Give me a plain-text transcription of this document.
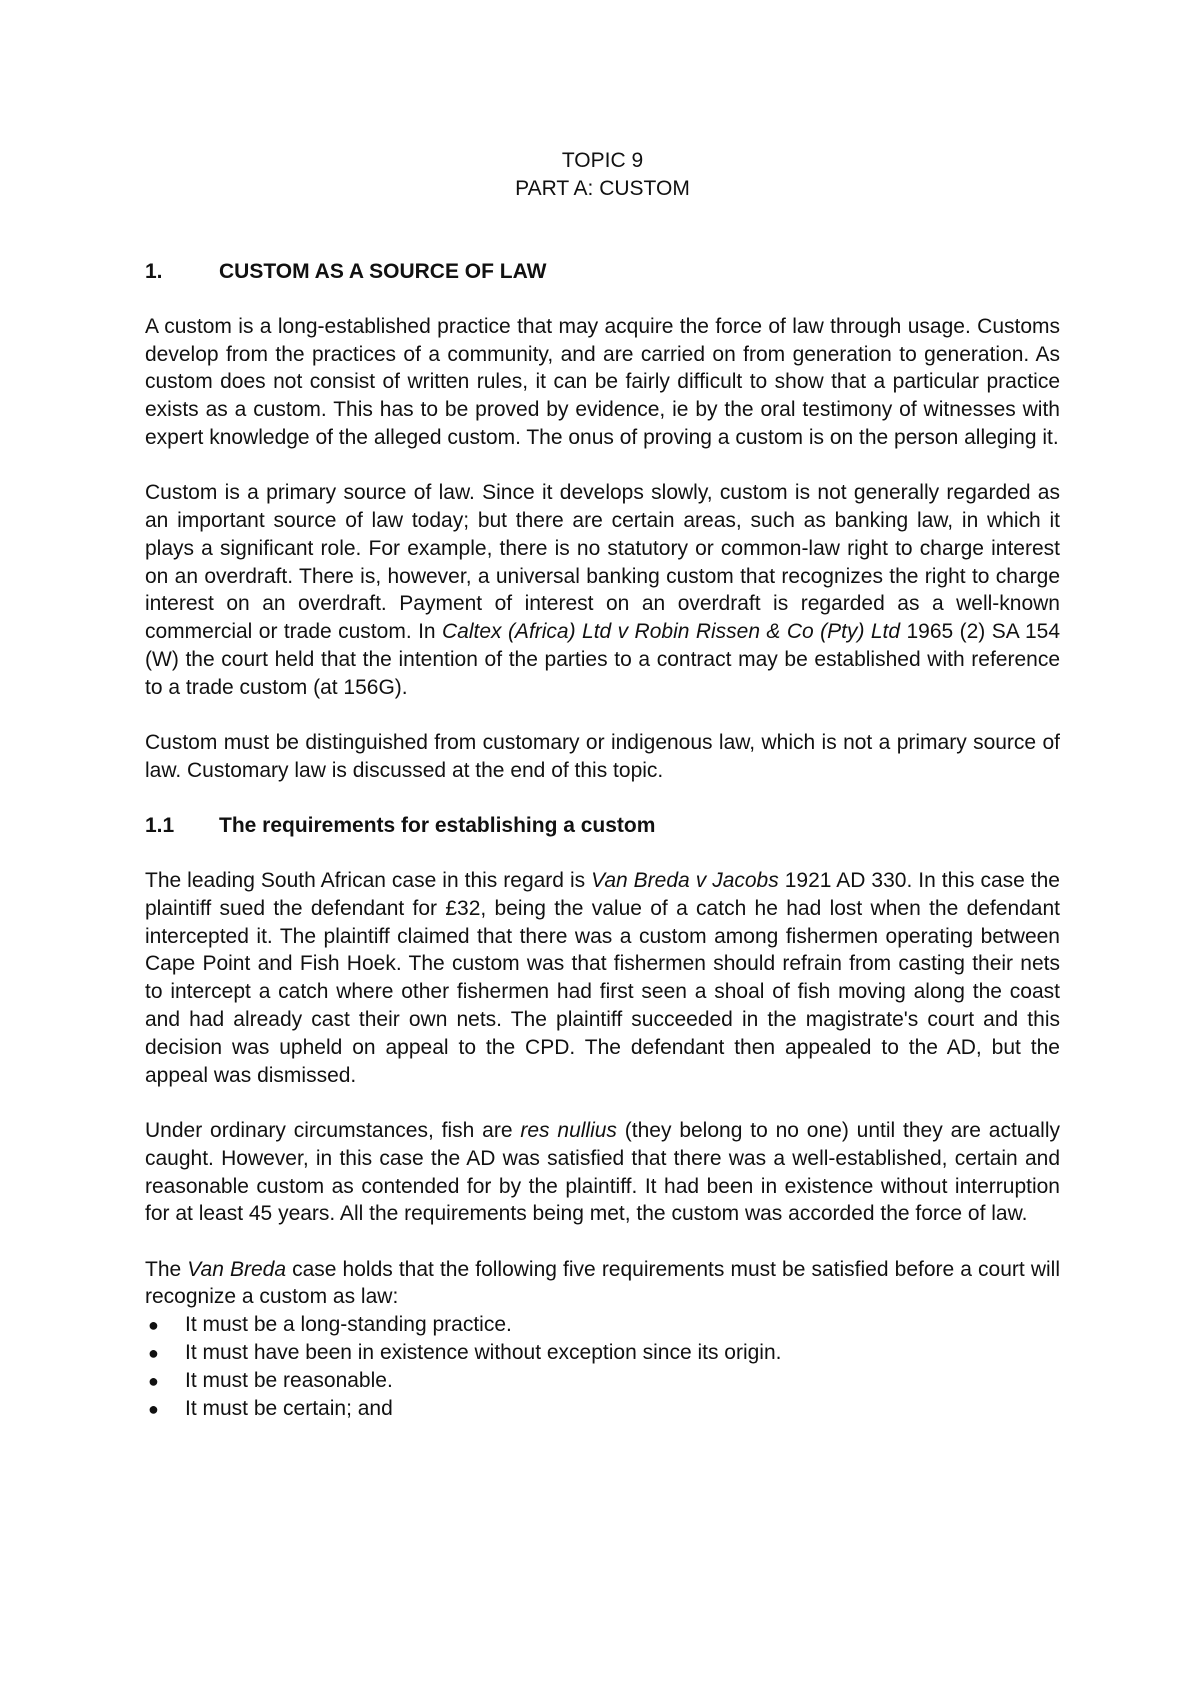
TOPIC 9

PART A: CUSTOM

1.	CUSTOM AS A SOURCE OF LAW

A custom is a long-established practice that may acquire the force of law through usage. Customs develop from the practices of a community, and are carried on from generation to generation. As custom does not consist of written rules, it can be fairly difficult to show that a particular practice exists as a custom. This has to be proved by evidence, ie by the oral testimony of witnesses with expert knowledge of the alleged custom. The onus of proving a custom is on the person alleging it.

Custom is a primary source of law. Since it develops slowly, custom is not generally regarded as an important source of law today; but there are certain areas, such as banking law, in which it plays a significant role. For example, there is no statutory or common-law right to charge interest on an overdraft. There is, however, a universal banking custom that recognizes the right to charge interest on an overdraft. Payment of interest on an overdraft is regarded as a well-known commercial or trade custom. In Caltex (Africa) Ltd v Robin Rissen & Co (Pty) Ltd 1965 (2) SA 154 (W) the court held that the intention of the parties to a contract may be established with reference to a trade custom (at 156G).

Custom must be distinguished from customary or indigenous law, which is not a primary source of law. Customary law is discussed at the end of this topic.

1.1	The requirements for establishing a custom

The leading South African case in this regard is Van Breda v Jacobs 1921 AD 330. In this case the plaintiff sued the defendant for £32, being the value of a catch he had lost when the defendant intercepted it. The plaintiff claimed that there was a custom among fishermen operating between Cape Point and Fish Hoek. The custom was that fishermen should refrain from casting their nets to intercept a catch where other fishermen had first seen a shoal of fish moving along the coast and had already cast their own nets. The plaintiff succeeded in the magistrate's court and this decision was upheld on appeal to the CPD. The defendant then appealed to the AD, but the appeal was dismissed.

Under ordinary circumstances, fish are res nullius (they belong to no one) until they are actually caught. However, in this case the AD was satisfied that there was a well-established, certain and reasonable custom as contended for by the plaintiff. It had been in existence without interruption for at least 45 years. All the requirements being met, the custom was accorded the force of law.

The Van Breda case holds that the following five requirements must be satisfied before a court will recognize a custom as law:

●	It must be a long-standing practice.
●	It must have been in existence without exception since its origin.
●	It must be reasonable.
●	It must be certain; and
